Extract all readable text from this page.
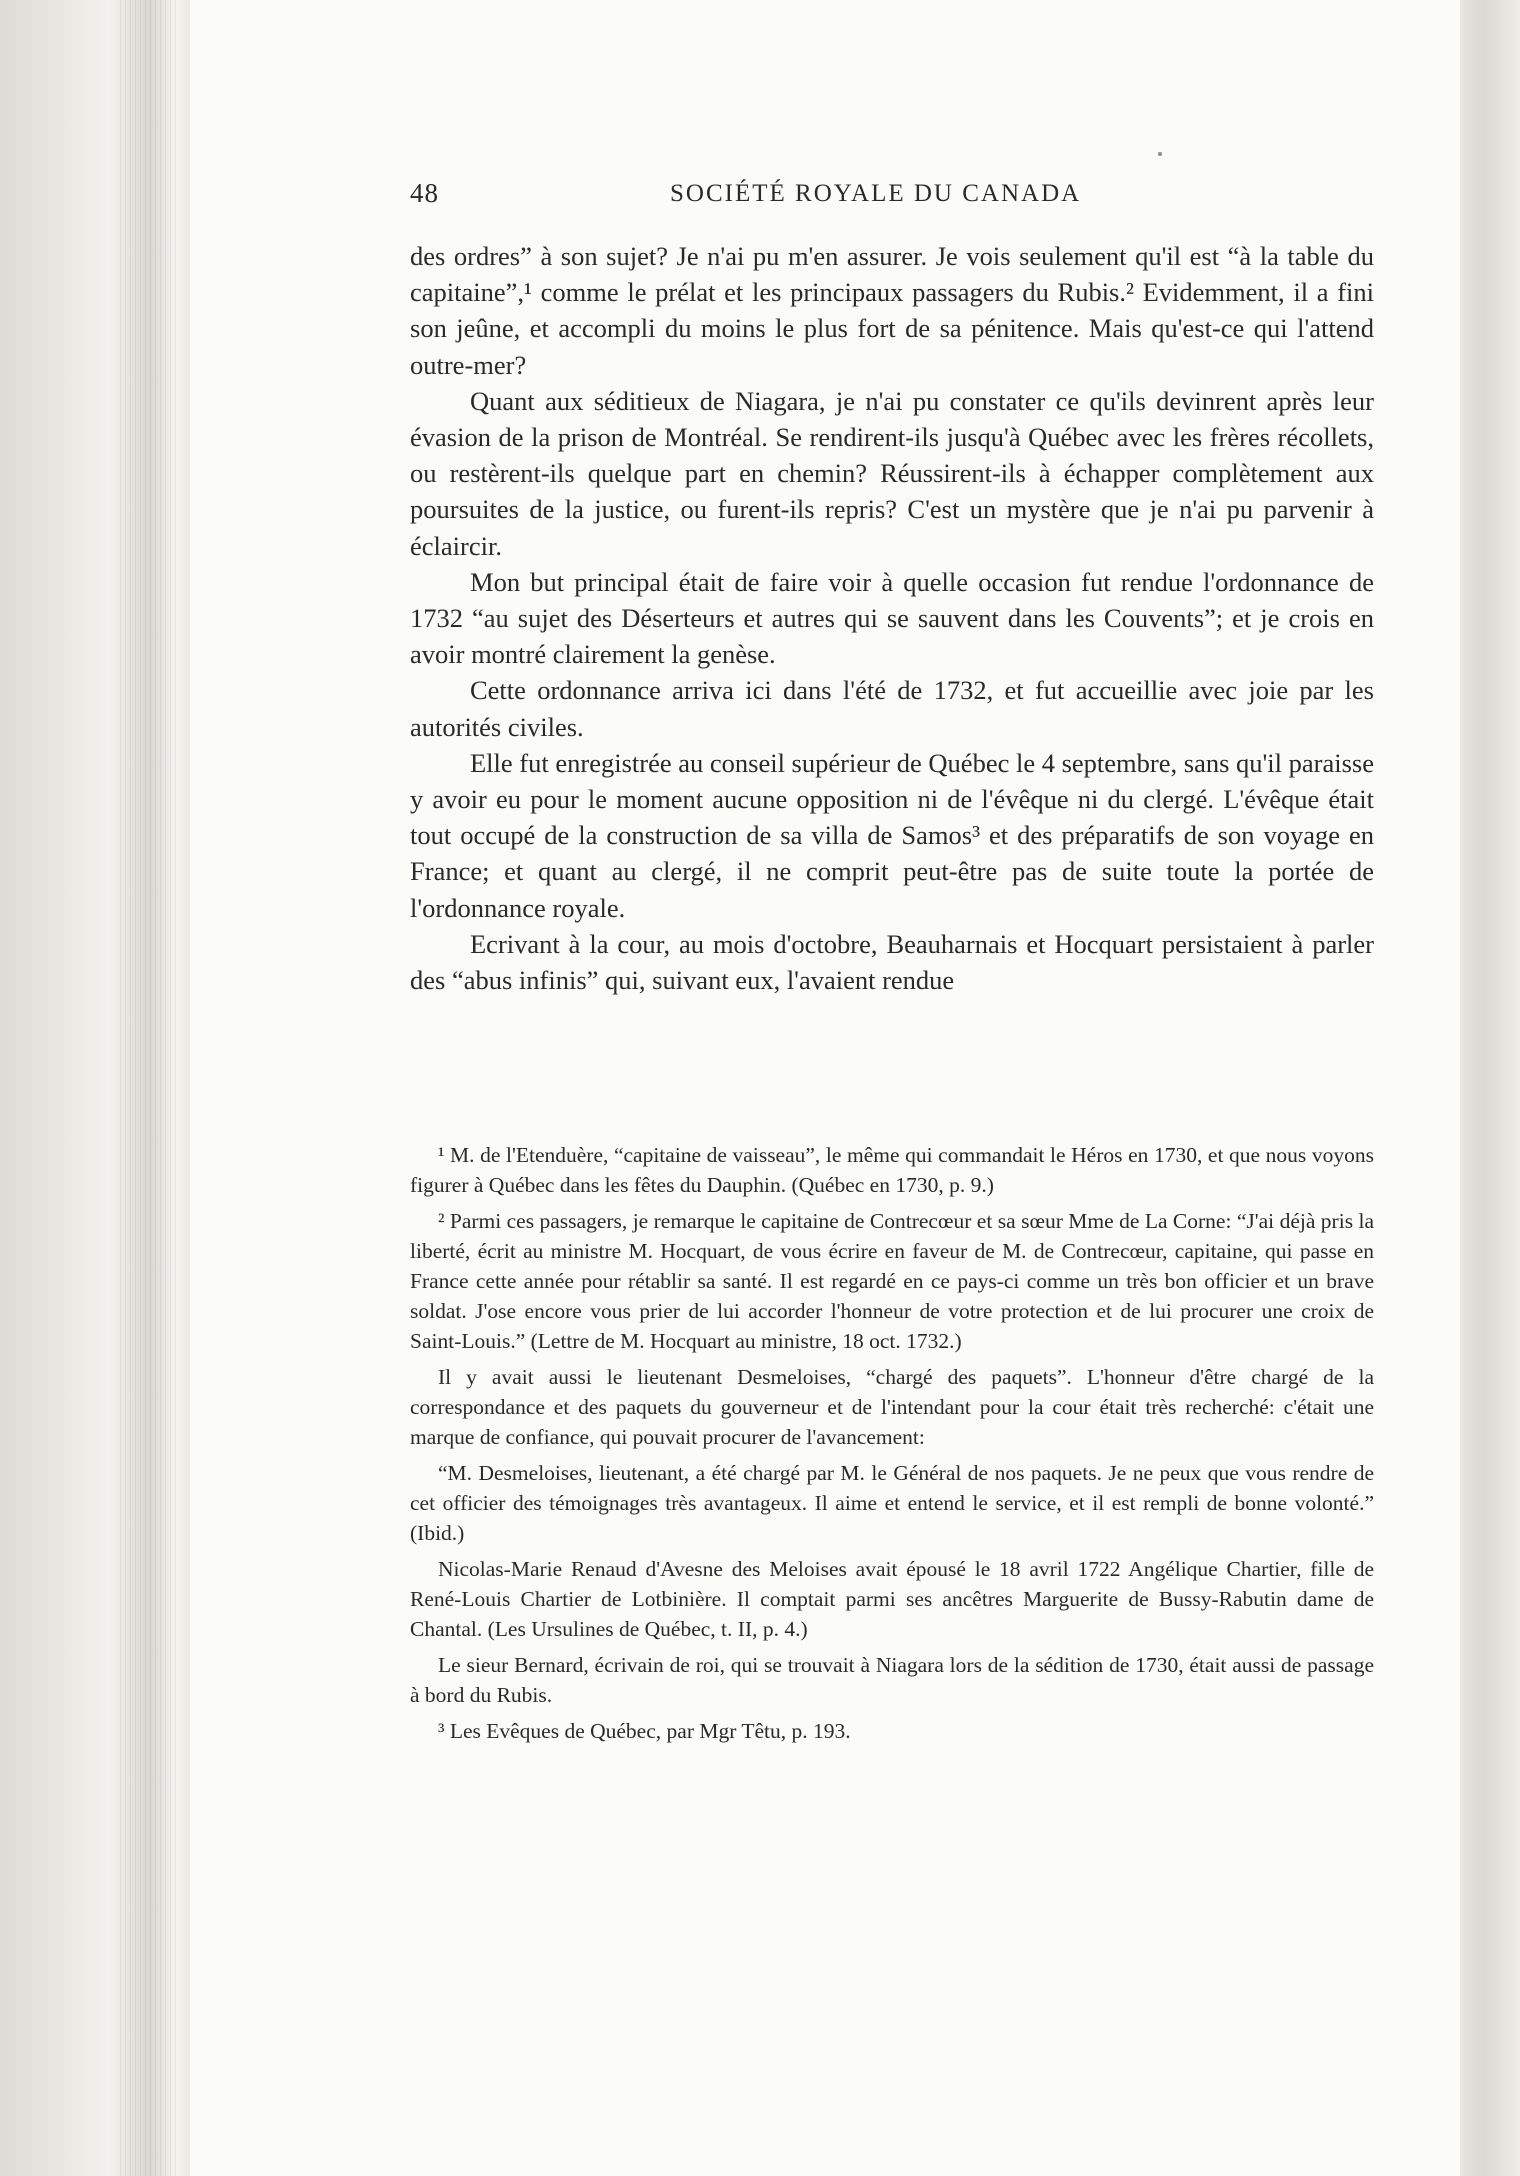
48	SOCIÉTÉ ROYALE DU CANADA

des ordres” à son sujet? Je n'ai pu m'en assurer. Je vois seulement qu'il est “à la table du capitaine”,¹ comme le prélat et les principaux passagers du Rubis.² Evidemment, il a fini son jeûne, et accompli du moins le plus fort de sa pénitence. Mais qu'est-ce qui l'attend outre-mer?

Quant aux séditieux de Niagara, je n'ai pu constater ce qu'ils devinrent après leur évasion de la prison de Montréal. Se rendirent-ils jusqu'à Québec avec les frères récollets, ou restèrent-ils quelque part en chemin? Réussirent-ils à échapper complètement aux poursuites de la justice, ou furent-ils repris? C'est un mystère que je n'ai pu parvenir à éclaircir.

Mon but principal était de faire voir à quelle occasion fut rendue l'ordonnance de 1732 “au sujet des Déserteurs et autres qui se sauvent dans les Couvents”; et je crois en avoir montré clairement la genèse.

Cette ordonnance arriva ici dans l'été de 1732, et fut accueillie avec joie par les autorités civiles.

Elle fut enregistrée au conseil supérieur de Québec le 4 septembre, sans qu'il paraisse y avoir eu pour le moment aucune opposition ni de l'évêque ni du clergé. L'évêque était tout occupé de la construction de sa villa de Samos³ et des préparatifs de son voyage en France; et quant au clergé, il ne comprit peut-être pas de suite toute la portée de l'ordonnance royale.

Ecrivant à la cour, au mois d'octobre, Beauharnais et Hocquart persistaient à parler des “abus infinis” qui, suivant eux, l'avaient rendue

¹ M. de l'Etenduère, “capitaine de vaisseau”, le même qui commandait le Héros en 1730, et que nous voyons figurer à Québec dans les fêtes du Dauphin. (Québec en 1730, p. 9.)

² Parmi ces passagers, je remarque le capitaine de Contrecœur et sa sœur Mme de La Corne: “J'ai déjà pris la liberté, écrit au ministre M. Hocquart, de vous écrire en faveur de M. de Contrecœur, capitaine, qui passe en France cette année pour rétablir sa santé. Il est regardé en ce pays-ci comme un très bon officier et un brave soldat. J'ose encore vous prier de lui accorder l'honneur de votre protection et de lui procurer une croix de Saint-Louis.” (Lettre de M. Hocquart au ministre, 18 oct. 1732.)

Il y avait aussi le lieutenant Desmeloises, “chargé des paquets”. L'honneur d'être chargé de la correspondance et des paquets du gouverneur et de l'intendant pour la cour était très recherché: c'était une marque de confiance, qui pouvait procurer de l'avancement:

“M. Desmeloises, lieutenant, a été chargé par M. le Général de nos paquets. Je ne peux que vous rendre de cet officier des témoignages très avantageux. Il aime et entend le service, et il est rempli de bonne volonté.” (Ibid.)

Nicolas-Marie Renaud d'Avesne des Meloises avait épousé le 18 avril 1722 Angélique Chartier, fille de René-Louis Chartier de Lotbinière. Il comptait parmi ses ancêtres Marguerite de Bussy-Rabutin dame de Chantal. (Les Ursulines de Québec, t. II, p. 4.)

Le sieur Bernard, écrivain de roi, qui se trouvait à Niagara lors de la sédition de 1730, était aussi de passage à bord du Rubis.

³ Les Evêques de Québec, par Mgr Têtu, p. 193.
